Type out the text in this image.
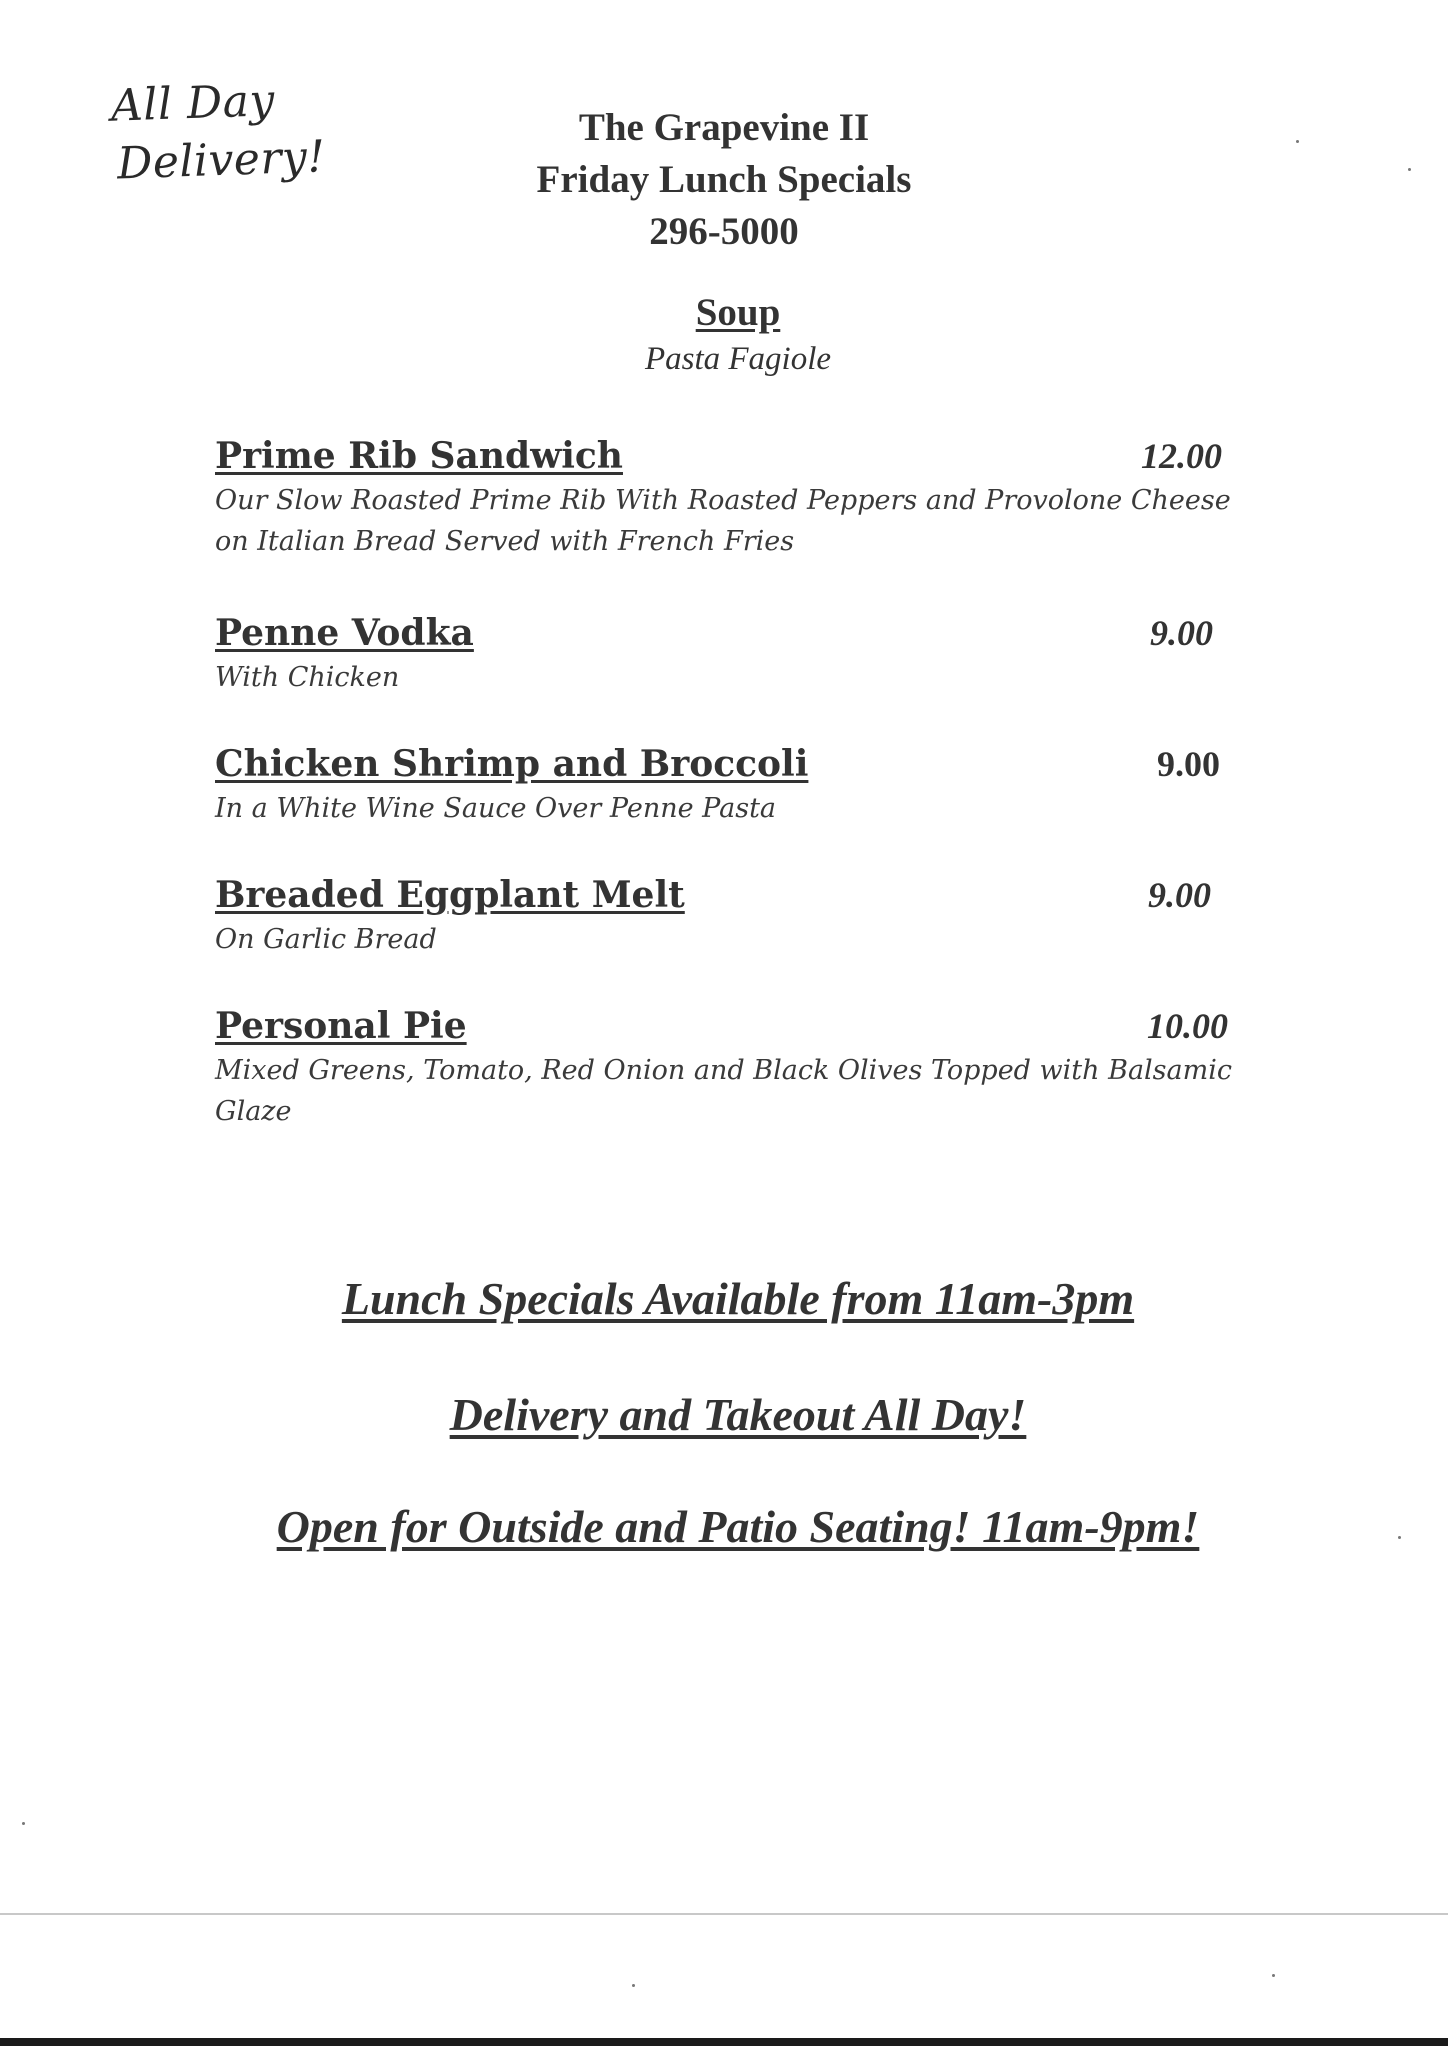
All Day
Delivery!
The Grapevine II
Friday Lunch Specials
296-5000
Soup
Pasta Fagiole
Prime Rib Sandwich	12.00
Our Slow Roasted Prime Rib With Roasted Peppers and Provolone Cheese
on Italian Bread Served with French Fries
Penne Vodka	9.00
With Chicken
Chicken Shrimp and Broccoli	9.00
In a White Wine Sauce Over Penne Pasta
Breaded Eggplant Melt	9.00
On Garlic Bread
Personal Pie	10.00
Mixed Greens, Tomato, Red Onion and Black Olives Topped with Balsamic
Glaze
Lunch Specials Available from 11am-3pm
Delivery and Takeout All Day!
Open for Outside and Patio Seating! 11am-9pm!
